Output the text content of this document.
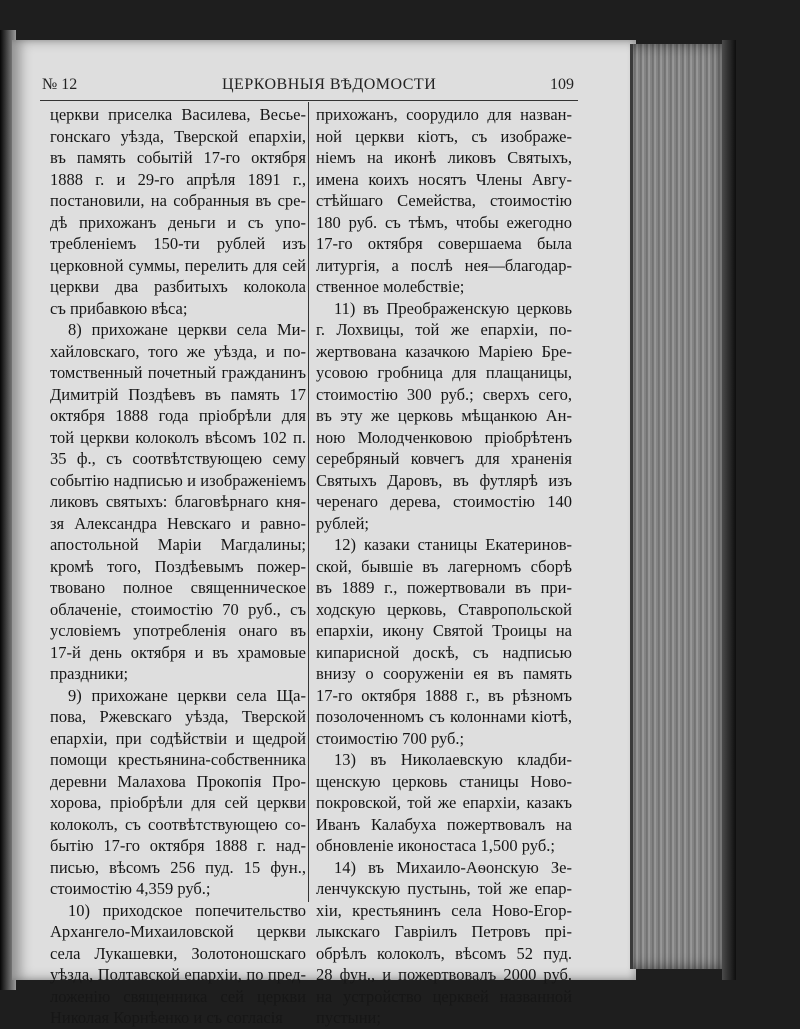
№ 12	ЦЕРКОВНЫЯ ВѢДОМОСТИ	109
церкви приселка Василева, Весье-
гонскаго уѣзда, Тверской епархіи,
въ память событій 17-го октября
1888 г. и 29-го апрѣля 1891 г.,
постановили, на собранныя въ сре-
дѣ прихожанъ деньги и съ упо-
требленіемъ 150-ти рублей изъ
церковной суммы, перелить для сей
церкви два разбитыхъ колокола
съ прибавкою вѣса;
8) прихожане церкви села Ми-
хайловскаго, того же уѣзда, и по-
томственный почетный гражданинъ
Димитрій Поздѣевъ въ память 17
октября 1888 года пріобрѣли для
той церкви колоколъ вѣсомъ 102 п.
35 ф., съ соотвѣтствующею сему
событію надписью и изображеніемъ
ликовъ святыхъ: благовѣрнаго кня-
зя Александра Невскаго и равно-
апостольной Маріи Магдалины;
кромѣ того, Поздѣевымъ пожер-
твовано полное священническое
облаченіе, стоимостію 70 руб., съ
условіемъ употребленія онаго въ
17-й день октября и въ храмовые
праздники;
9) прихожане церкви села Ща-
пова, Ржевскаго уѣзда, Тверской
епархіи, при содѣйствіи и щедрой
помощи крестьянина-собственника
деревни Малахова Прокопія Про-
хорова, пріобрѣли для сей церкви
колоколъ, съ соотвѣтствующею со-
бытію 17-го октября 1888 г. над-
писью, вѣсомъ 256 пуд. 15 фун.,
стоимостію 4,359 руб.;
10) приходское попечительство
Архангело-Михаиловской церкви
села Лукашевки, Золотоношскаго
уѣзда, Полтавской епархіи, по пред-
ложенію священника сей церкви
Николая Корнѣенко и съ согласія
прихожанъ, соорудило для назван-
ной церкви кіотъ, съ изображе-
ніемъ на иконѣ ликовъ Святыхъ,
имена коихъ носятъ Члены Авгу-
стѣйшаго Семейства, стоимостію
180 руб. съ тѣмъ, чтобы ежегодно
17-го октября совершаема была
литургія, а послѣ нея—благодар-
ственное молебствіе;
11) въ Преображенскую церковь
г. Лохвицы, той же епархіи, по-
жертвована казачкою Маріею Бре-
усовою гробница для плащаницы,
стоимостію 300 руб.; сверхъ сего,
въ эту же церковь мѣщанкою Ан-
ною Молодченковою пріобрѣтенъ
серебряный ковчегъ для храненія
Святыхъ Даровъ, въ футлярѣ изъ
черенаго дерева, стоимостію 140
рублей;
12) казаки станицы Екатеринов-
ской, бывшіе въ лагерномъ сборѣ
въ 1889 г., пожертвовали въ при-
ходскую церковь, Ставропольской
епархіи, икону Святой Троицы на
кипарисной доскѣ, съ надписью
внизу о сооруженіи ея въ память
17-го октября 1888 г., въ рѣзномъ
позолоченномъ съ колоннами кіотѣ,
стоимостію 700 руб.;
13) въ Николаевскую кладби-
щенскую церковь станицы Ново-
покровской, той же епархіи, казакъ
Иванъ Калабуха пожертвовалъ на
обновленіе иконостаса 1,500 руб.;
14) въ Михаило-Аѳонскую Зе-
ленчукскую пустынь, той же епар-
хіи, крестьянинъ села Ново-Егор-
лыкскаго Гавріилъ Петровъ прі-
обрѣлъ колоколъ, вѣсомъ 52 пуд.
28 фун., и пожертвовалъ 2000 руб.
на устройство церквей названной
пустыни;
